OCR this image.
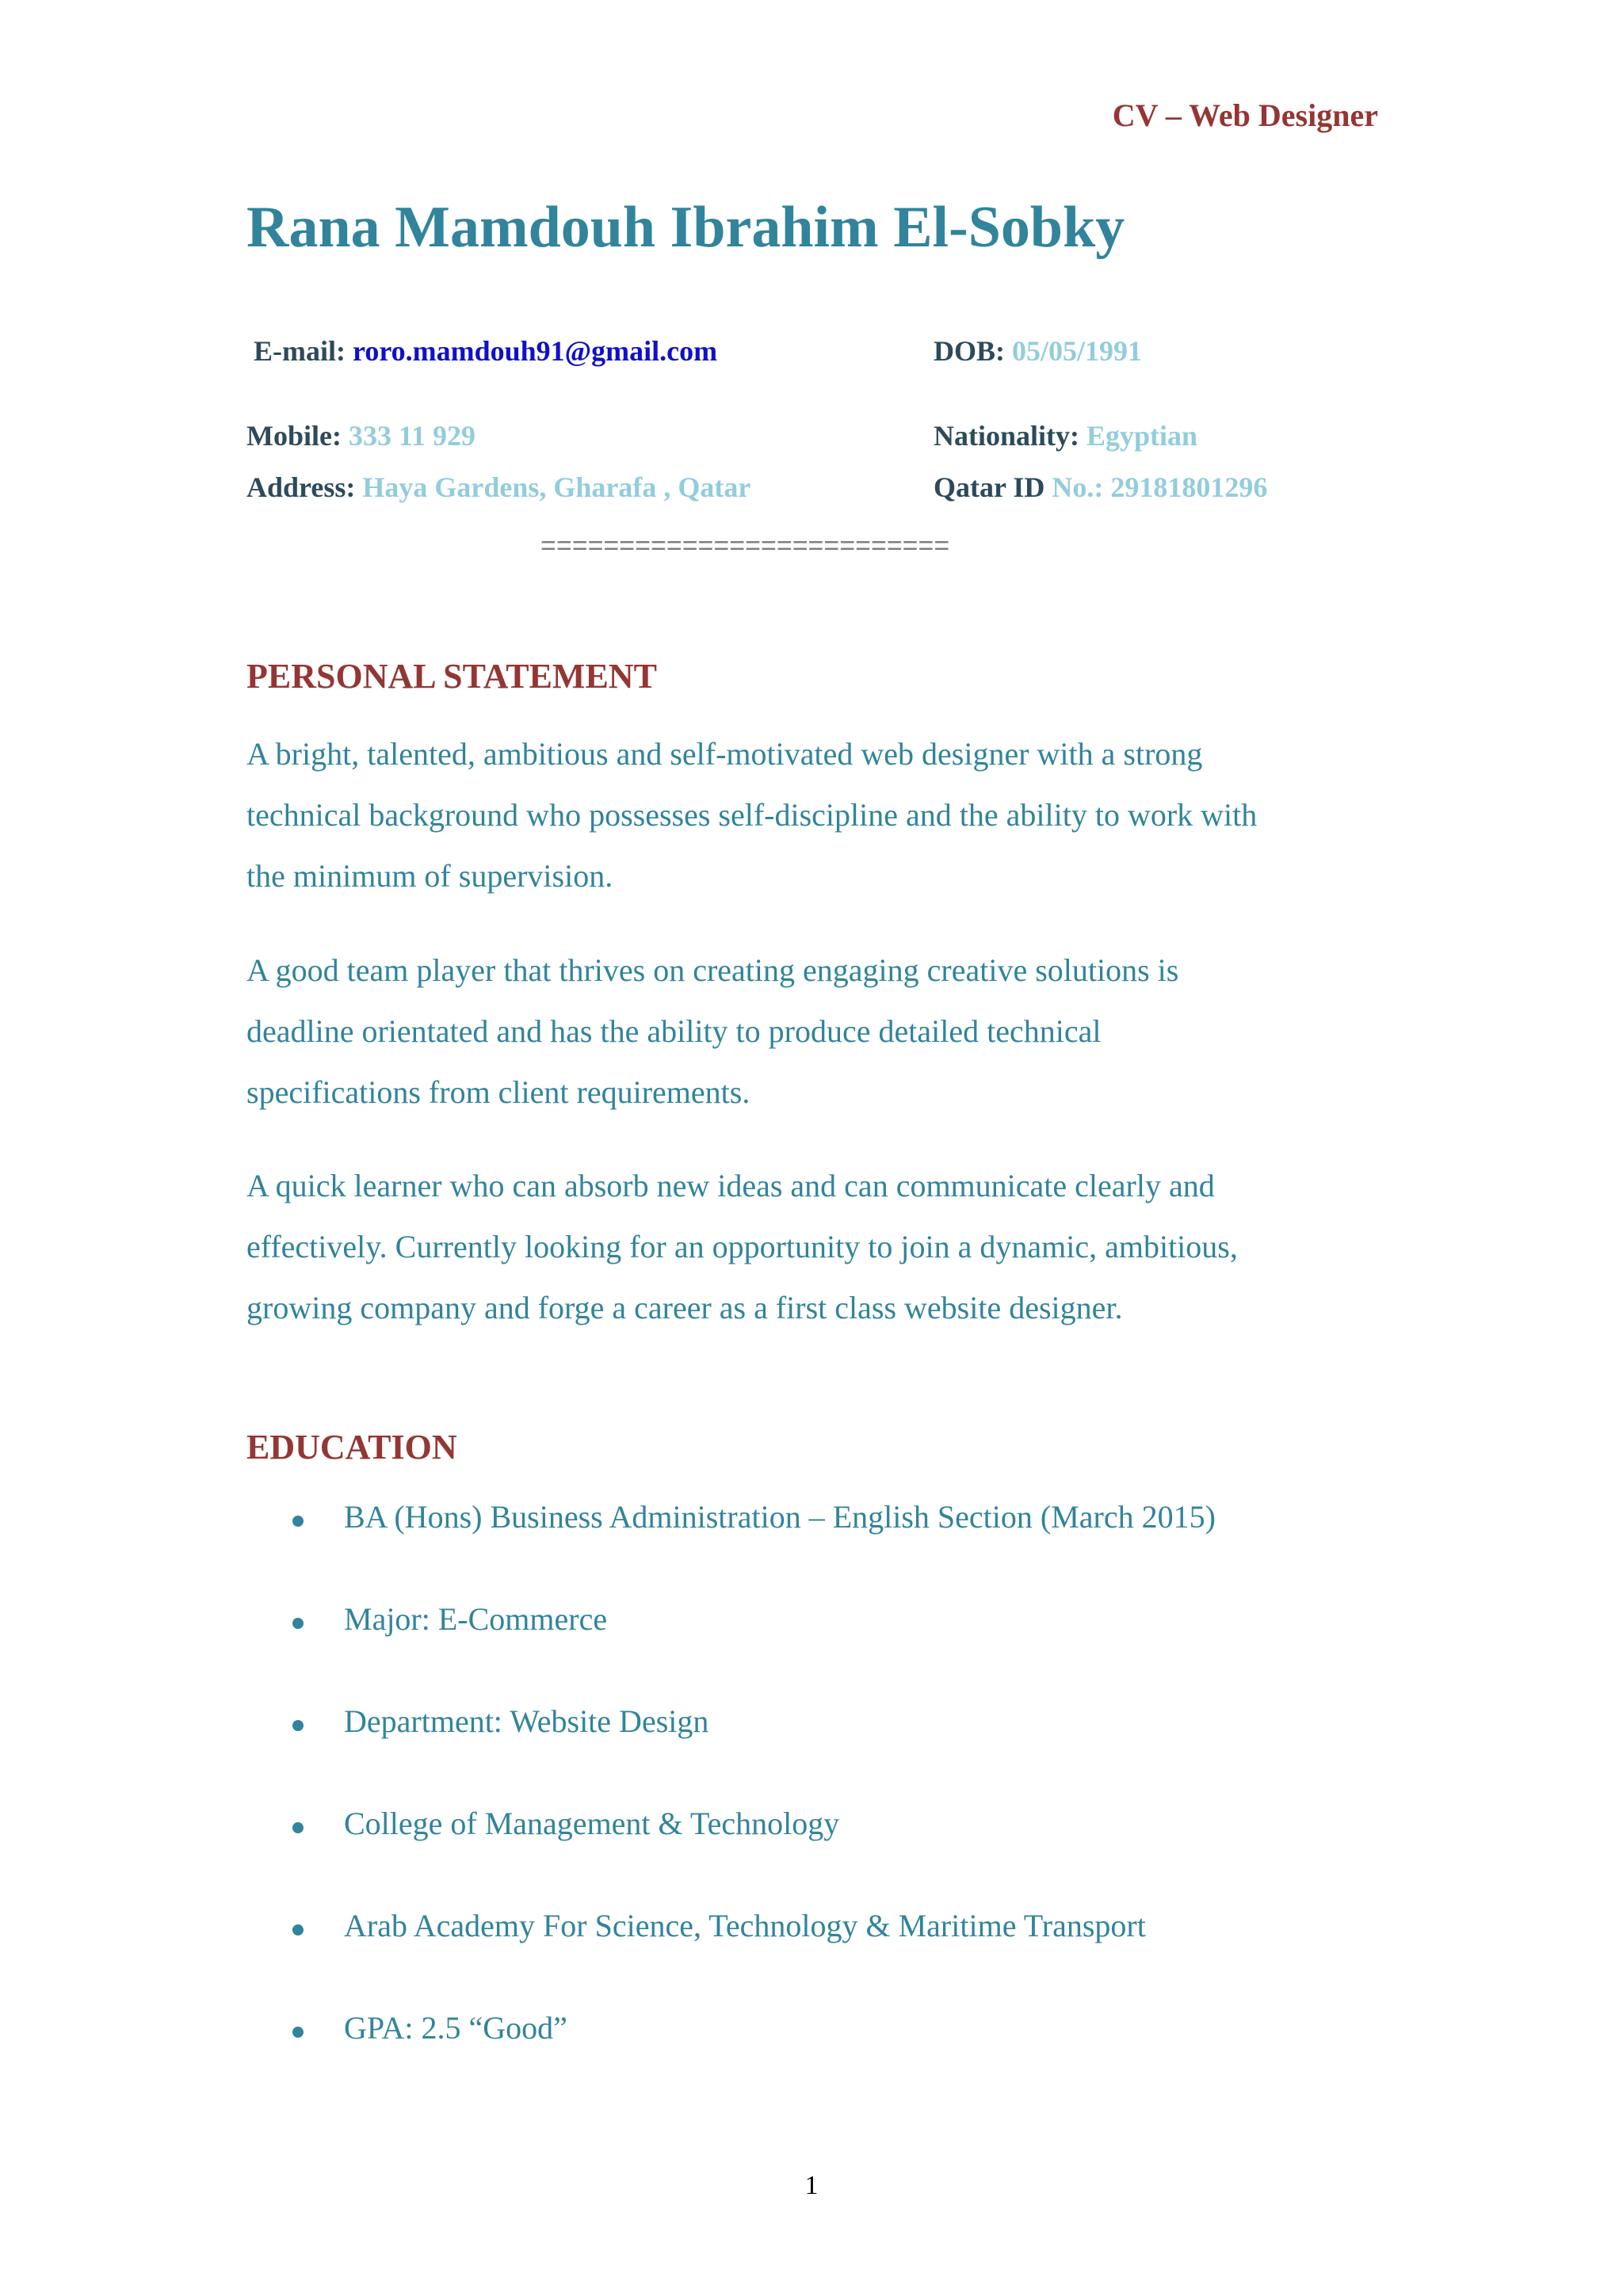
CV – Web Designer
Rana Mamdouh Ibrahim El-Sobky
E-mail: roro.mamdouh91@gmail.com	DOB: 05/05/1991
Mobile: 333 11 929	Nationality: Egyptian
Address: Haya Gardens, Gharafa , Qatar	Qatar ID No.: 29181801296
==========================
PERSONAL STATEMENT

A bright, talented, ambitious and self-motivated web designer with a strong

technical background who possesses self-discipline and the ability to work with

the minimum of supervision.

A good team player that thrives on creating engaging creative solutions is

deadline orientated and has the ability to produce detailed technical

specifications from client requirements.

A quick learner who can absorb new ideas and can communicate clearly and

effectively. Currently looking for an opportunity to join a dynamic, ambitious,

growing company and forge a career as a first class website designer.

EDUCATION
BA (Hons) Business Administration – English Section (March 2015)
Major: E-Commerce
Department: Website Design
College of Management & Technology
Arab Academy For Science, Technology & Maritime Transport
GPA: 2.5 “Good”
1
